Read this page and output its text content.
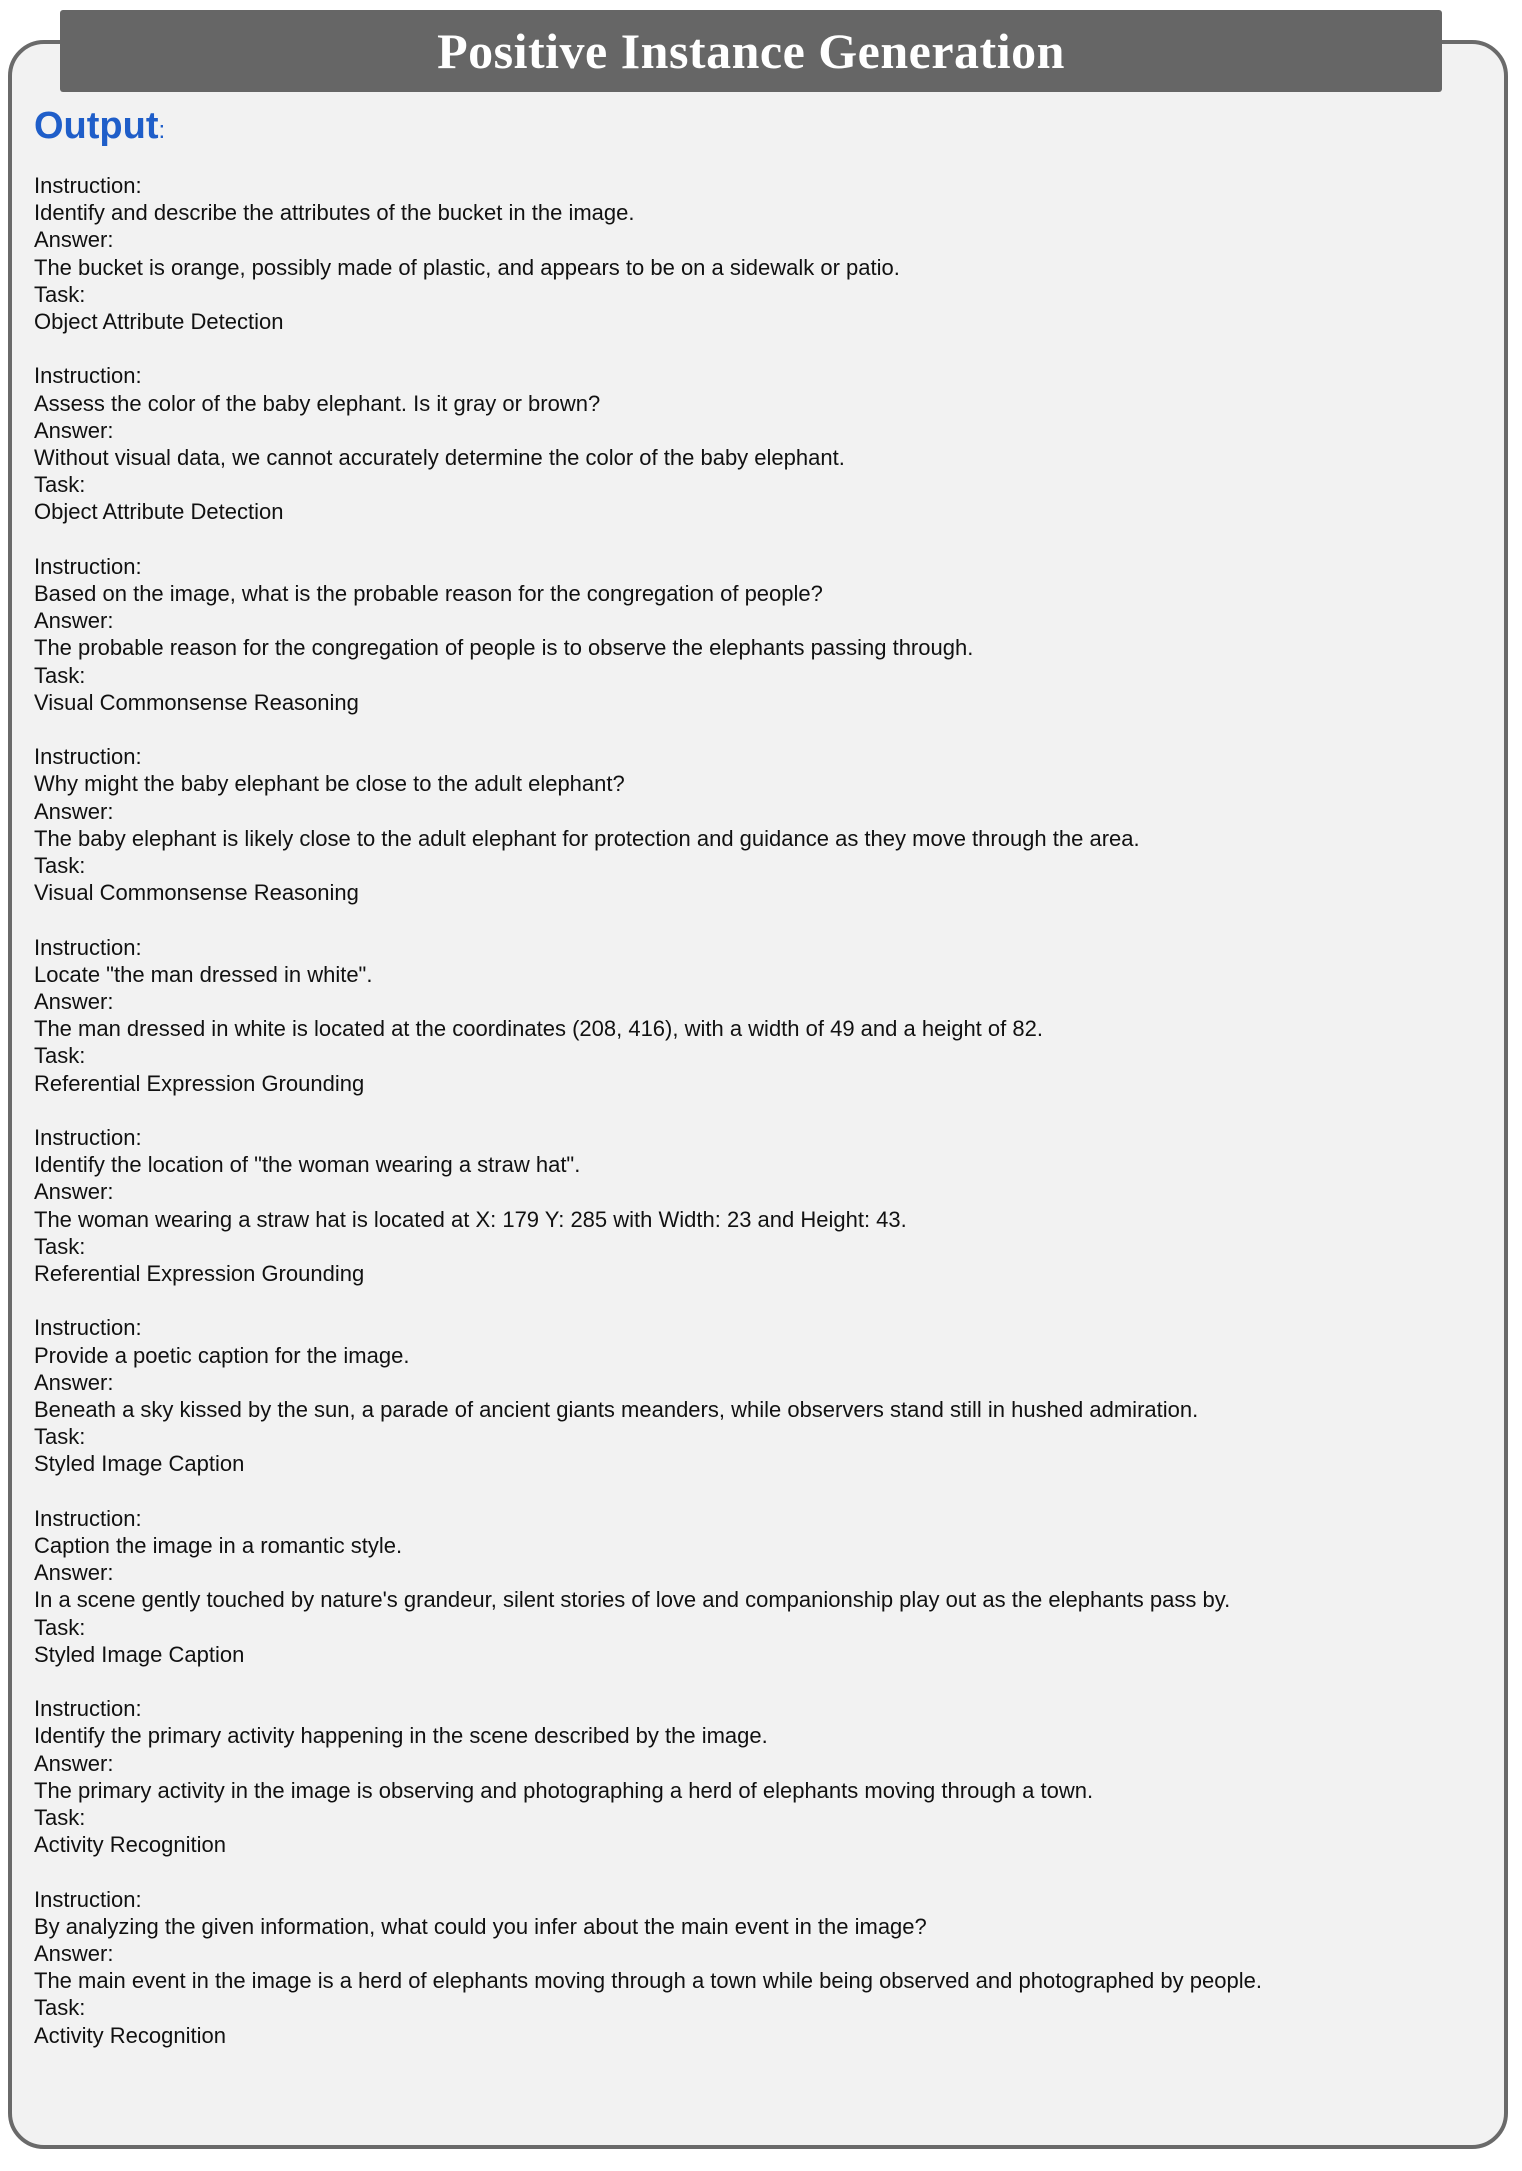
Positive Instance Generation
Output:
Instruction:
Identify and describe the attributes of the bucket in the image.
Answer:
The bucket is orange, possibly made of plastic, and appears to be on a sidewalk or patio.
Task:
Object Attribute Detection
Instruction:
Assess the color of the baby elephant. Is it gray or brown?
Answer:
Without visual data, we cannot accurately determine the color of the baby elephant.
Task:
Object Attribute Detection
Instruction:
Based on the image, what is the probable reason for the congregation of people?
Answer:
The probable reason for the congregation of people is to observe the elephants passing through.
Task:
Visual Commonsense Reasoning
Instruction:
Why might the baby elephant be close to the adult elephant?
Answer:
The baby elephant is likely close to the adult elephant for protection and guidance as they move through the area.
Task:
Visual Commonsense Reasoning
Instruction:
Locate "the man dressed in white".
Answer:
The man dressed in white is located at the coordinates (208, 416), with a width of 49 and a height of 82.
Task:
Referential Expression Grounding
Instruction:
Identify the location of "the woman wearing a straw hat".
Answer:
The woman wearing a straw hat is located at X: 179 Y: 285 with Width: 23 and Height: 43.
Task:
Referential Expression Grounding
Instruction:
Provide a poetic caption for the image.
Answer:
Beneath a sky kissed by the sun, a parade of ancient giants meanders, while observers stand still in hushed admiration.
Task:
Styled Image Caption
Instruction:
Caption the image in a romantic style.
Answer:
In a scene gently touched by nature's grandeur, silent stories of love and companionship play out as the elephants pass by.
Task:
Styled Image Caption
Instruction:
Identify the primary activity happening in the scene described by the image.
Answer:
The primary activity in the image is observing and photographing a herd of elephants moving through a town.
Task:
Activity Recognition
Instruction:
By analyzing the given information, what could you infer about the main event in the image?
Answer:
The main event in the image is a herd of elephants moving through a town while being observed and photographed by people.
Task:
Activity Recognition
